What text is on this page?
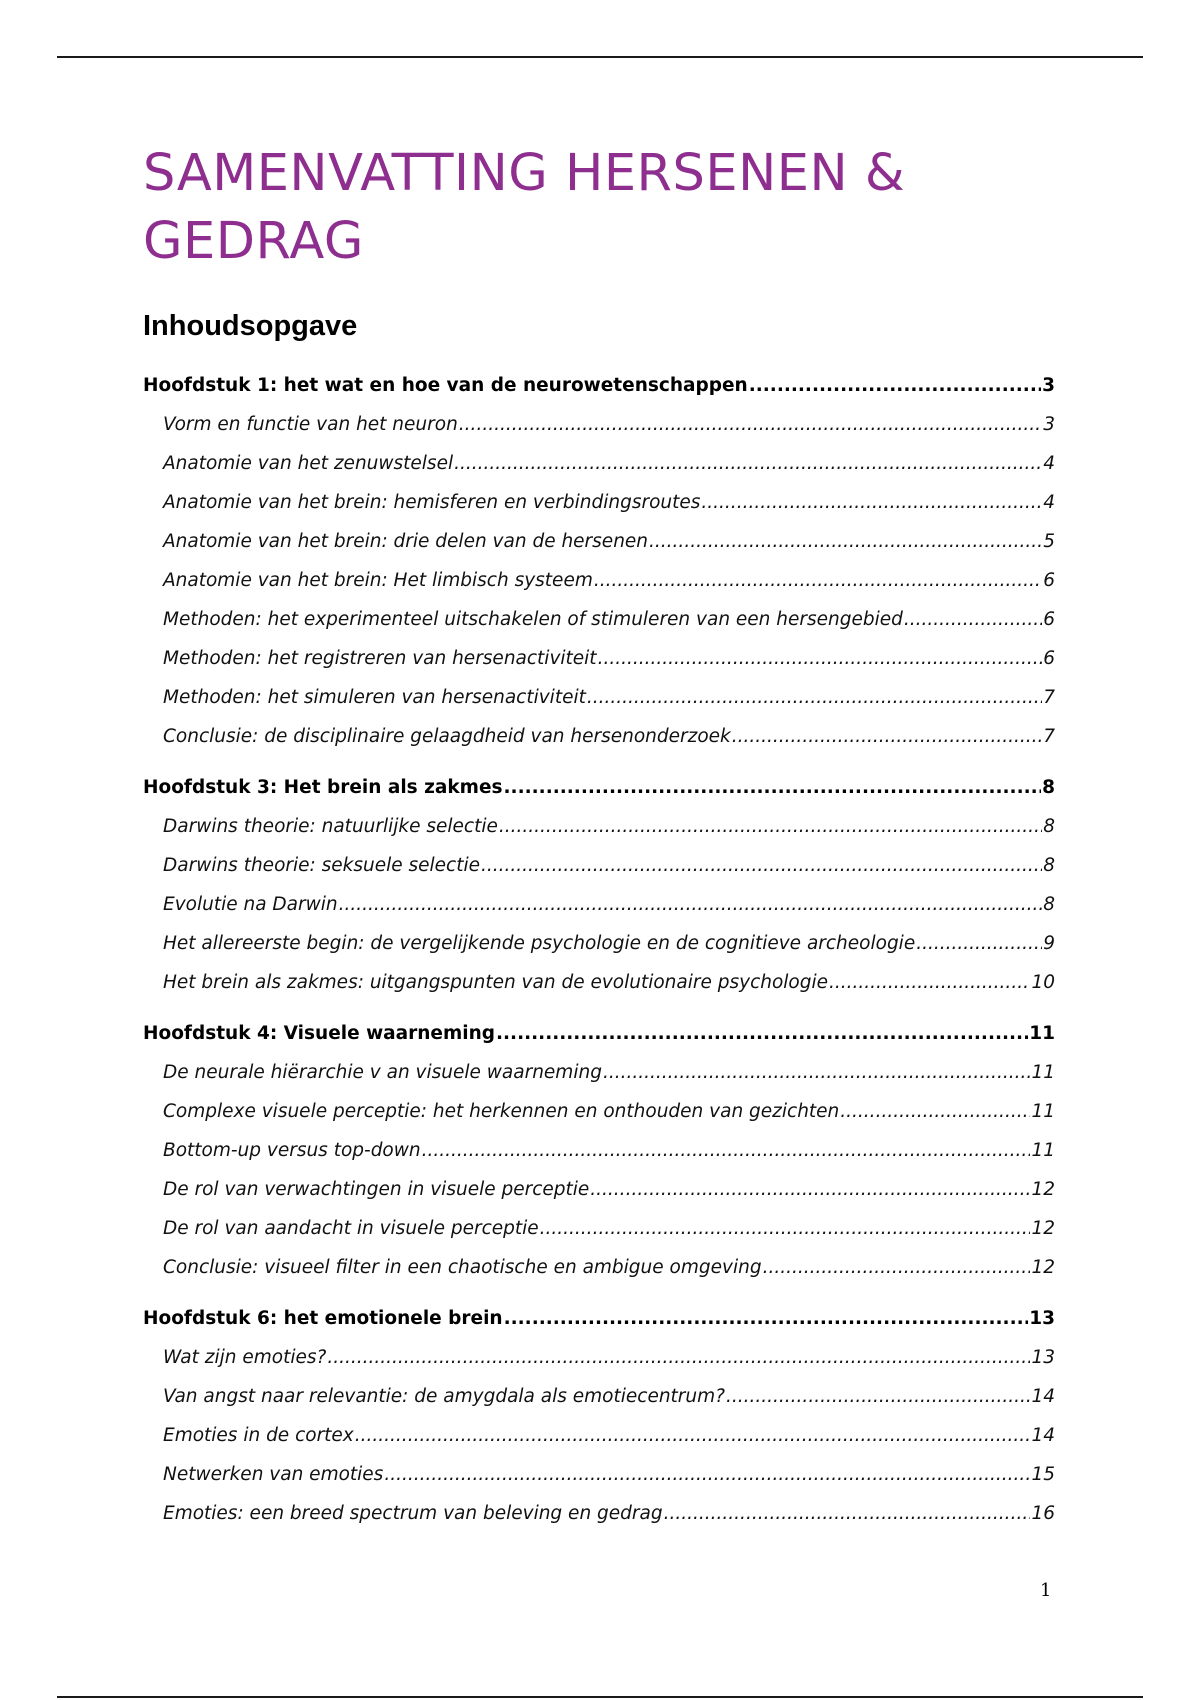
SAMENVATTING HERSENEN & GEDRAG
Inhoudsopgave
Hoofdstuk 1: het wat en hoe van de neurowetenschappen .....	3
Vorm en functie van het neuron .....	3
Anatomie van het zenuwstelsel .....	4
Anatomie van het brein: hemisferen en verbindingsroutes .....	4
Anatomie van het brein: drie delen van de hersenen .....	5
Anatomie van het brein: Het limbisch systeem .....	6
Methoden: het experimenteel uitschakelen of stimuleren van een hersengebied .....	6
Methoden: het registreren van hersenactiviteit .....	6
Methoden: het simuleren van hersenactiviteit .....	7
Conclusie: de disciplinaire gelaagdheid van hersenonderzoek .....	7
Hoofdstuk 3: Het brein als zakmes .....	8
Darwins theorie: natuurlijke selectie .....	8
Darwins theorie: seksuele selectie .....	8
Evolutie na Darwin .....	8
Het allereerste begin: de vergelijkende psychologie en de cognitieve archeologie .....	9
Het brein als zakmes: uitgangspunten van de evolutionaire psychologie .....	10
Hoofdstuk 4: Visuele waarneming .....	11
De neurale hiërarchie v an visuele waarneming .....	11
Complexe visuele perceptie: het herkennen en onthouden van gezichten .....	11
Bottom-up versus top-down .....	11
De rol van verwachtingen in visuele perceptie .....	12
De rol van aandacht in visuele perceptie .....	12
Conclusie: visueel filter in een chaotische en ambigue omgeving .....	12
Hoofdstuk 6: het emotionele brein .....	13
Wat zijn emoties? .....	13
Van angst naar relevantie: de amygdala als emotiecentrum? .....	14
Emoties in de cortex .....	14
Netwerken van emoties .....	15
Emoties: een breed spectrum van beleving en gedrag .....	16
1
